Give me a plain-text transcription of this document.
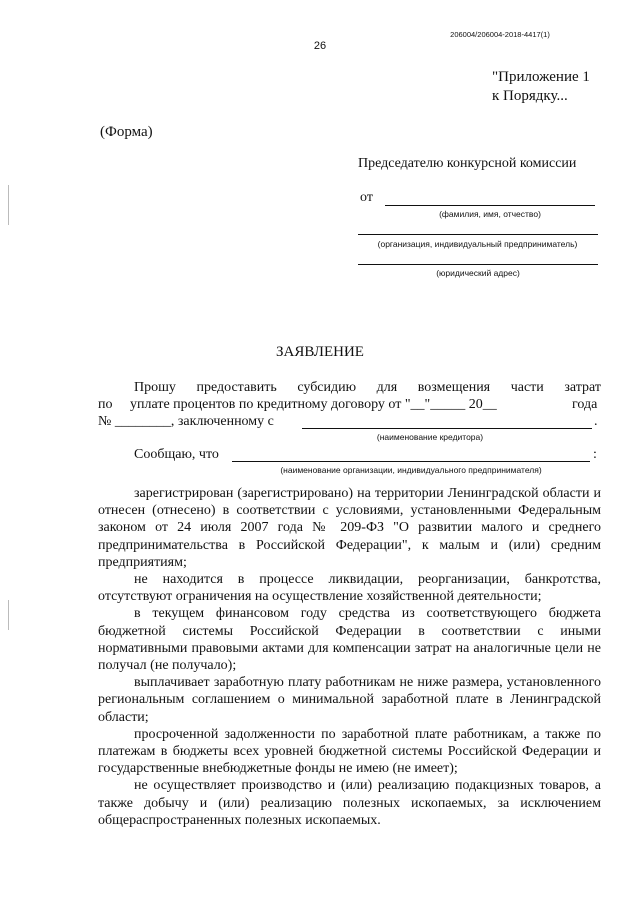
206004/206004-2018-4417(1)
26
"Приложение 1
к Порядку...
(Форма)
Председателю конкурсной комиссии
от
(фамилия, имя, отчество)
(организация, индивидуальный предприниматель)
(юридический адрес)
ЗАЯВЛЕНИЕ
Прошу предоставить субсидию для возмещения части затрат
по уплате процентов по кредитному договору от "__"_____ 20__	года
№ ________, заключенному с	.
(наименование кредитора)
Сообщаю, что	:
(наименование организации, индивидуального предпринимателя)

зарегистрирован (зарегистрировано) на территории Ленинградской области и отнесен (отнесено) в соответствии с условиями, установленными Федеральным законом от 24 июля 2007 года № 209-ФЗ "О развитии малого и среднего предпринимательства в Российской Федерации", к малым и (или) средним предприятиям;

не находится в процессе ликвидации, реорганизации, банкротства, отсутствуют ограничения на осуществление хозяйственной деятельности;

в текущем финансовом году средства из соответствующего бюджета бюджетной системы Российской Федерации в соответствии с иными нормативными правовыми актами для компенсации затрат на аналогичные цели не получал (не получало);

выплачивает заработную плату работникам не ниже размера, установленного региональным соглашением о минимальной заработной плате в Ленинградской области;

просроченной задолженности по заработной плате работникам, а также по платежам в бюджеты всех уровней бюджетной системы Российской Федерации и государственные внебюджетные фонды не имею (не имеет);

не осуществляет производство и (или) реализацию подакцизных товаров, а также добычу и (или) реализацию полезных ископаемых, за исключением общераспространенных полезных ископаемых.
